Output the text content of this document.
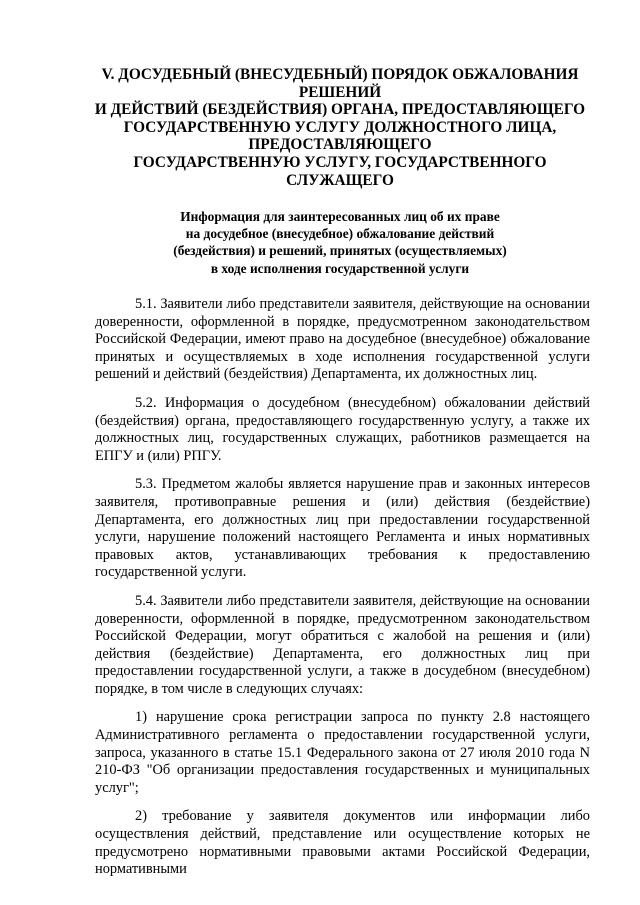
V. ДОСУДЕБНЫЙ (ВНЕСУДЕБНЫЙ) ПОРЯДОК ОБЖАЛОВАНИЯ
РЕШЕНИЙ
И ДЕЙСТВИЙ (БЕЗДЕЙСТВИЯ) ОРГАНА, ПРЕДОСТАВЛЯЮЩЕГО
ГОСУДАРСТВЕННУЮ УСЛУГУ ДОЛЖНОСТНОГО ЛИЦА,
ПРЕДОСТАВЛЯЮЩЕГО
ГОСУДАРСТВЕННУЮ УСЛУГУ, ГОСУДАРСТВЕННОГО
СЛУЖАЩЕГО
Информация для заинтересованных лиц об их праве
на досудебное (внесудебное) обжалование действий
(бездействия) и решений, принятых (осуществляемых)
в ходе исполнения государственной услуги

5.1. Заявители либо представители заявителя, действующие на основании доверенности, оформленной в порядке, предусмотренном законодательством Российской Федерации, имеют право на досудебное (внесудебное) обжалование принятых и осуществляемых в ходе исполнения государственной услуги решений и действий (бездействия) Департамента, их должностных лиц.

5.2. Информация о досудебном (внесудебном) обжаловании действий (бездействия) органа, предоставляющего государственную услугу, а также их должностных лиц, государственных служащих, работников размещается на ЕПГУ и (или) РПГУ.

5.3. Предметом жалобы является нарушение прав и законных интересов заявителя, противоправные решения и (или) действия (бездействие) Департамента, его должностных лиц при предоставлении государственной услуги, нарушение положений настоящего Регламента и иных нормативных правовых актов, устанавливающих требования к предоставлению государственной услуги.

5.4. Заявители либо представители заявителя, действующие на основании доверенности, оформленной в порядке, предусмотренном законодательством Российской Федерации, могут обратиться с жалобой на решения и (или) действия (бездействие) Департамента, его должностных лиц при предоставлении государственной услуги, а также в досудебном (внесудебном) порядке, в том числе в следующих случаях:

1) нарушение срока регистрации запроса по пункту 2.8 настоящего Административного регламента о предоставлении государственной услуги, запроса, указанного в статье 15.1 Федерального закона от 27 июля 2010 года N 210-ФЗ "Об организации предоставления государственных и муниципальных услуг";

2) требование у заявителя документов или информации либо осуществления действий, представление или осуществление которых не предусмотрено нормативными правовыми актами Российской Федерации, нормативными
